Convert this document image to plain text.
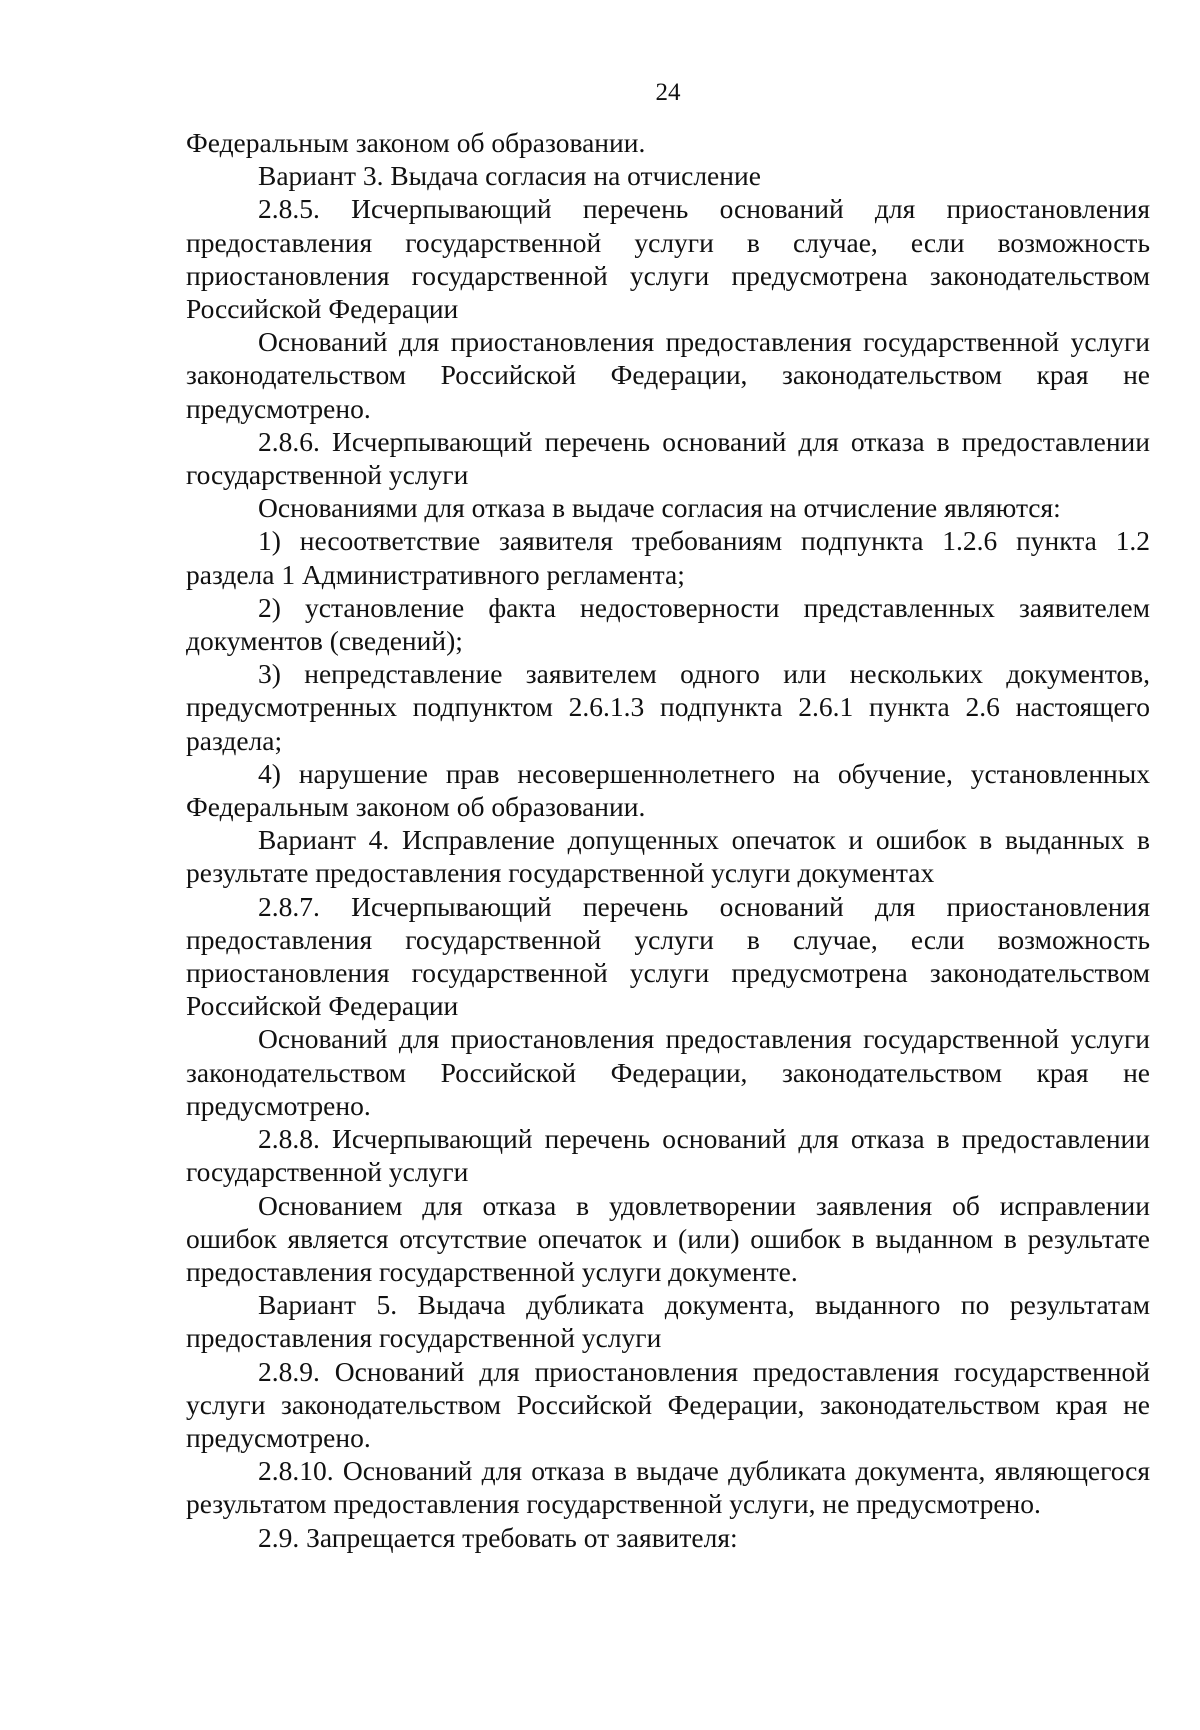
24

Федеральным законом об образовании.

Вариант 3. Выдача согласия на отчисление

2.8.5. Исчерпывающий перечень оснований для приостановления предоставления государственной услуги в случае, если возможность приостановления государственной услуги предусмотрена законодательством Российской Федерации

Оснований для приостановления предоставления государственной услуги законодательством Российской Федерации, законодательством края не предусмотрено.

2.8.6. Исчерпывающий перечень оснований для отказа в предоставлении государственной услуги

Основаниями для отказа в выдаче согласия на отчисление являются:

1) несоответствие заявителя требованиям подпункта 1.2.6 пункта 1.2 раздела 1 Административного регламента;

2) установление факта недостоверности представленных заявителем документов (сведений);

3) непредставление заявителем одного или нескольких документов, предусмотренных подпунктом 2.6.1.3 подпункта 2.6.1 пункта 2.6 настоящего раздела;

4) нарушение прав несовершеннолетнего на обучение, установленных Федеральным законом об образовании.

Вариант 4. Исправление допущенных опечаток и ошибок в выданных в результате предоставления государственной услуги документах

2.8.7. Исчерпывающий перечень оснований для приостановления предоставления государственной услуги в случае, если возможность приостановления государственной услуги предусмотрена законодательством Российской Федерации

Оснований для приостановления предоставления государственной услуги законодательством Российской Федерации, законодательством края не предусмотрено.

2.8.8. Исчерпывающий перечень оснований для отказа в предоставлении государственной услуги

Основанием для отказа в удовлетворении заявления об исправлении ошибок является отсутствие опечаток и (или) ошибок в выданном в результате предоставления государственной услуги документе.

Вариант 5. Выдача дубликата документа, выданного по результатам предоставления государственной услуги

2.8.9. Оснований для приостановления предоставления государственной услуги законодательством Российской Федерации, законодательством края не предусмотрено.

2.8.10. Оснований для отказа в выдаче дубликата документа, являющегося результатом предоставления государственной услуги, не предусмотрено.

2.9. Запрещается требовать от заявителя:
